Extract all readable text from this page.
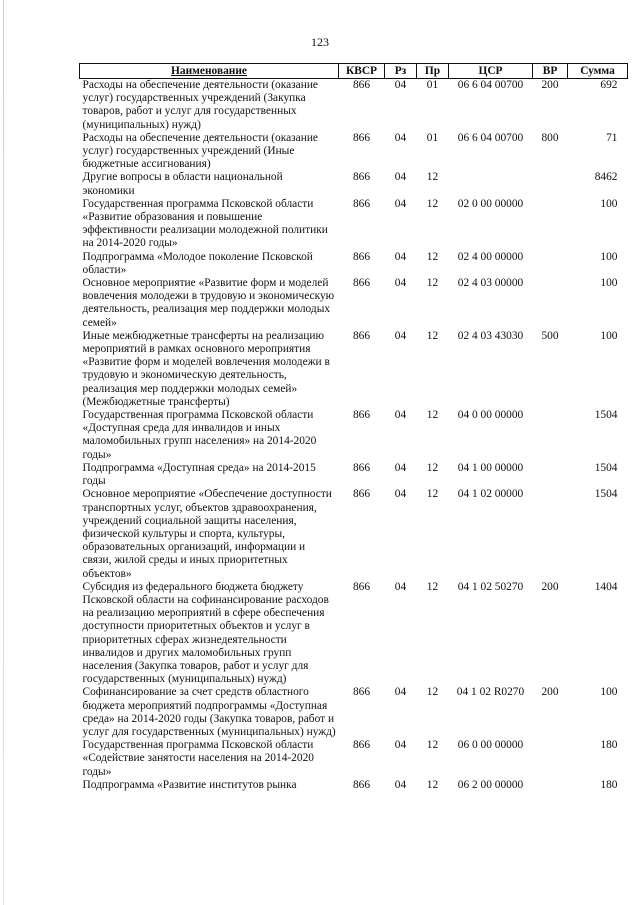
123
Наименование	КВСР	Рз	Пр	ЦСР	ВР	Сумма
Расходы на обеспечение деятельности (оказание услуг) государственных учреждений (Закупка товаров, работ и услуг для государственных (муниципальных) нужд)	866	04	01	06 6 04 00700	200	692
Расходы на обеспечение деятельности (оказание услуг) государственных учреждений (Иные бюджетные ассигнования)	866	04	01	06 6 04 00700	800	71
Другие вопросы в области национальной экономики	866	04	12			8462
Государственная программа Псковской области «Развитие образования и повышение эффективности реализации молодежной политики на 2014-2020 годы»	866	04	12	02 0 00 00000		100
Подпрограмма «Молодое поколение Псковской области»	866	04	12	02 4 00 00000		100
Основное мероприятие «Развитие форм и моделей вовлечения молодежи в трудовую и экономическую деятельность, реализация мер поддержки молодых семей»	866	04	12	02 4 03 00000		100
Иные межбюджетные трансферты на реализацию мероприятий в рамках основного мероприятия «Развитие форм и моделей вовлечения молодежи в трудовую и экономическую деятельность, реализация мер поддержки молодых семей» (Межбюджетные трансферты)	866	04	12	02 4 03 43030	500	100
Государственная программа Псковской области «Доступная среда для инвалидов и иных маломобильных групп населения» на 2014-2020 годы»	866	04	12	04 0 00 00000		1504
Подпрограмма «Доступная среда» на 2014-2015 годы	866	04	12	04 1 00 00000		1504
Основное мероприятие «Обеспечение доступности транспортных услуг, объектов здравоохранения, учреждений социальной защиты населения, физической культуры и спорта, культуры, образовательных организаций, информации и связи, жилой среды и иных приоритетных объектов»	866	04	12	04 1 02 00000		1504
Субсидия из федерального бюджета бюджету Псковской области на софинансирование расходов на реализацию мероприятий в сфере обеспечения доступности приоритетных объектов и услуг в приоритетных сферах жизнедеятельности инвалидов и других маломобильных групп населения (Закупка товаров, работ и услуг для государственных (муниципальных) нужд)	866	04	12	04 1 02 50270	200	1404
Софинансирование за счет средств областного бюджета мероприятий подпрограммы «Доступная среда» на 2014-2020 годы (Закупка товаров, работ и услуг для государственных (муниципальных) нужд)	866	04	12	04 1 02 R0270	200	100
Государственная программа Псковской области «Содействие занятости населения на 2014-2020 годы»	866	04	12	06 0 00 00000		180
Подпрограмма «Развитие институтов рынка	866	04	12	06 2 00 00000		180
